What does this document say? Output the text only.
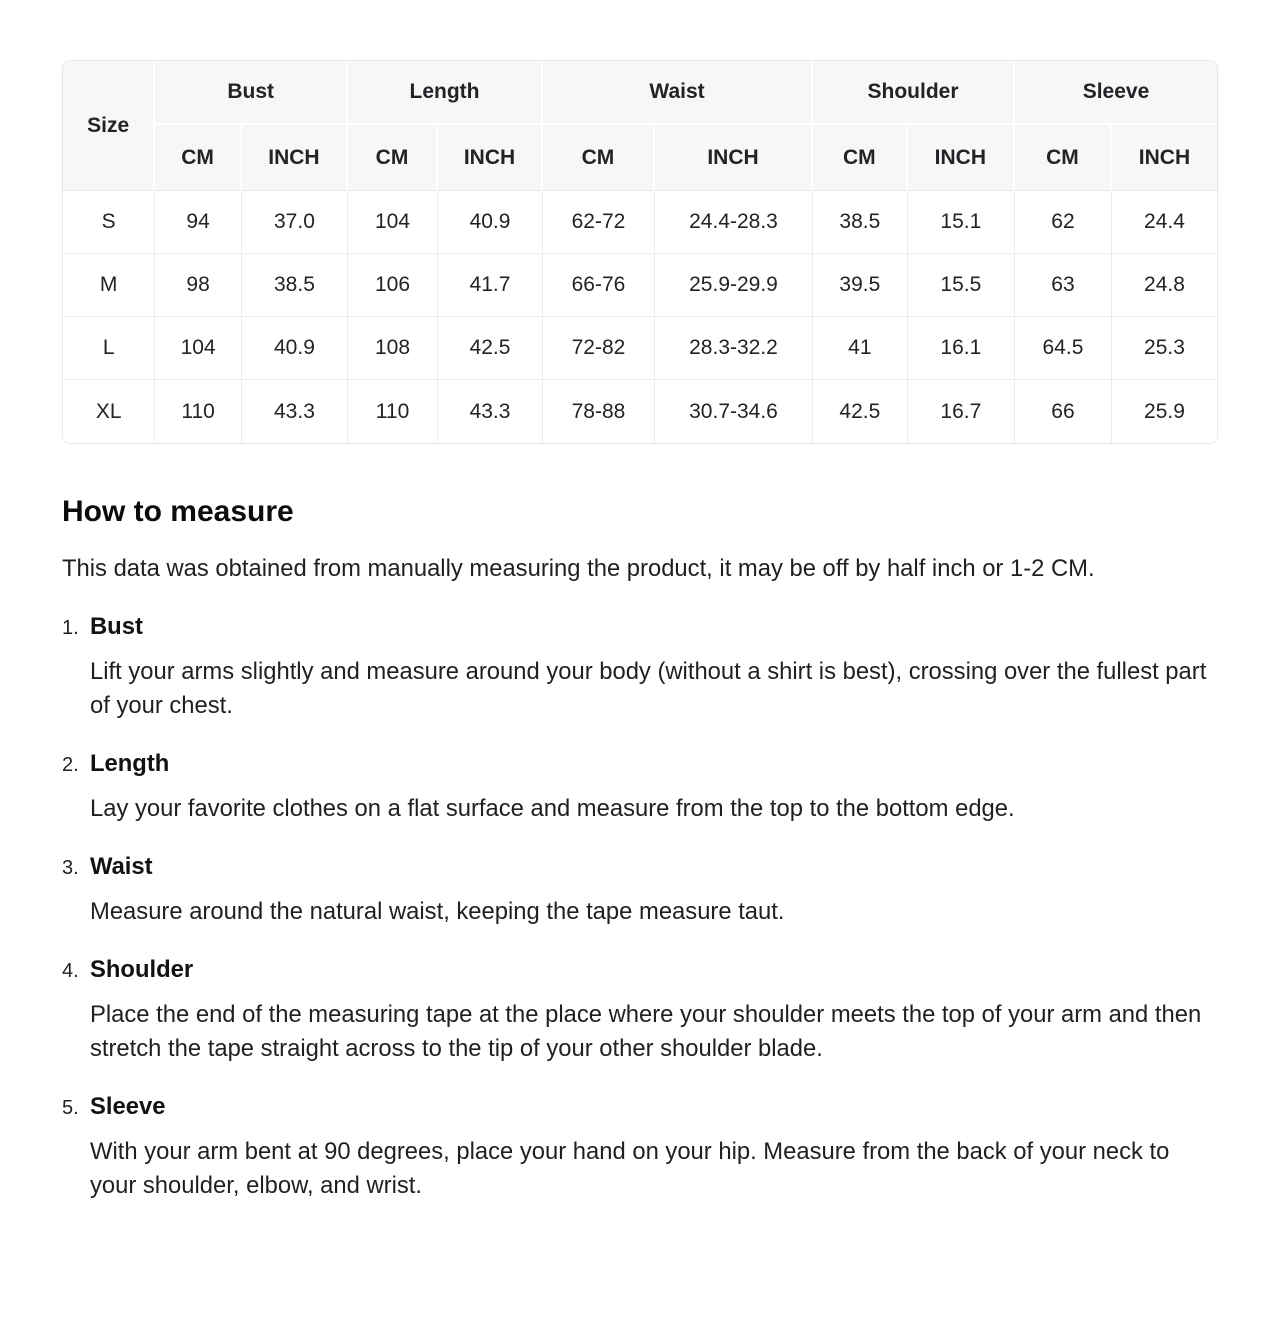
Size	Bust		Length		Waist		Shoulder		Sleeve	
	CM	INCH	CM	INCH	CM	INCH	CM	INCH	CM	INCH
S	94	37.0	104	40.9	62-72	24.4-28.3	38.5	15.1	62	24.4
M	98	38.5	106	41.7	66-76	25.9-29.9	39.5	15.5	63	24.8
L	104	40.9	108	42.5	72-82	28.3-32.2	41	16.1	64.5	25.3
XL	110	43.3	110	43.3	78-88	30.7-34.6	42.5	16.7	66	25.9
How to measure

This data was obtained from manually measuring the product, it may be off by half inch or 1-2 CM.

1. Bust

Lift your arms slightly and measure around your body (without a shirt is best), crossing over the fullest part of your chest.

2. Length

Lay your favorite clothes on a flat surface and measure from the top to the bottom edge.

3. Waist

Measure around the natural waist, keeping the tape measure taut.

4. Shoulder

Place the end of the measuring tape at the place where your shoulder meets the top of your arm and then stretch the tape straight across to the tip of your other shoulder blade.

5. Sleeve

With your arm bent at 90 degrees, place your hand on your hip. Measure from the back of your neck to your shoulder, elbow, and wrist.
